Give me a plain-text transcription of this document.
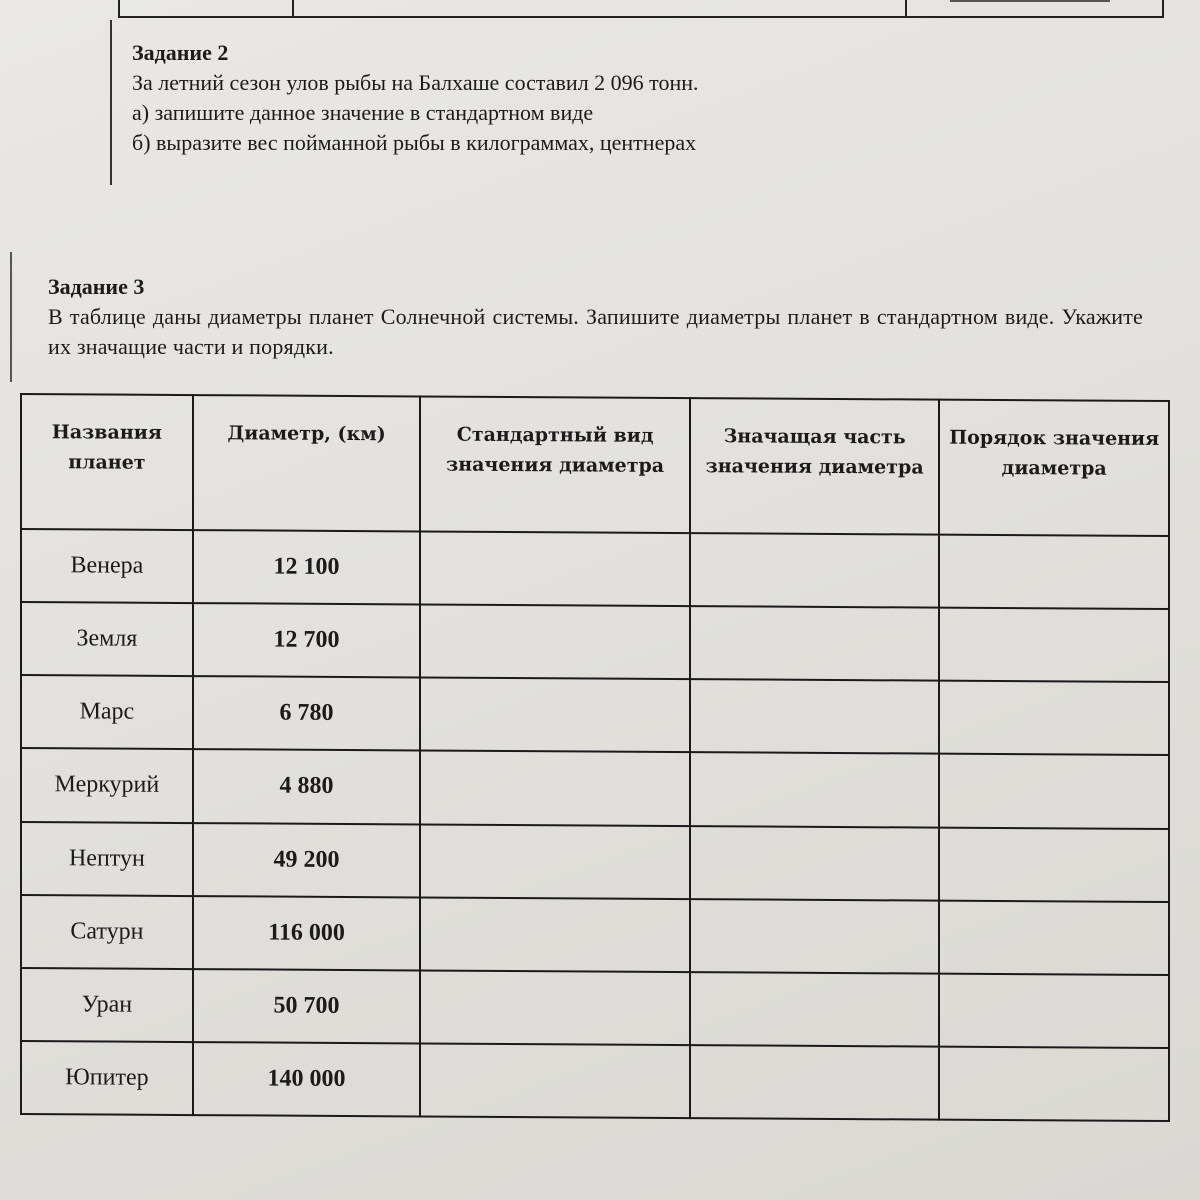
Задание 2
За летний сезон улов рыбы на Балхаше составил 2 096 тонн.
а) запишите данное значение в стандартном виде
б) выразите вес пойманной рыбы в килограммах, центнерах
Задание 3
В таблице даны диаметры планет Солнечной системы. Запишите диаметры планет в стандартном виде. Укажите их значащие части и порядки.
Названия планет	Диаметр, (км)	Стандартный вид значения диаметра	Значащая часть значения диаметра	Порядок значения диаметра
Венера	12 100			
Земля	12 700			
Марс	6 780			
Меркурий	4 880			
Нептун	49 200			
Сатурн	116 000			
Уран	50 700			
Юпитер	140 000			
